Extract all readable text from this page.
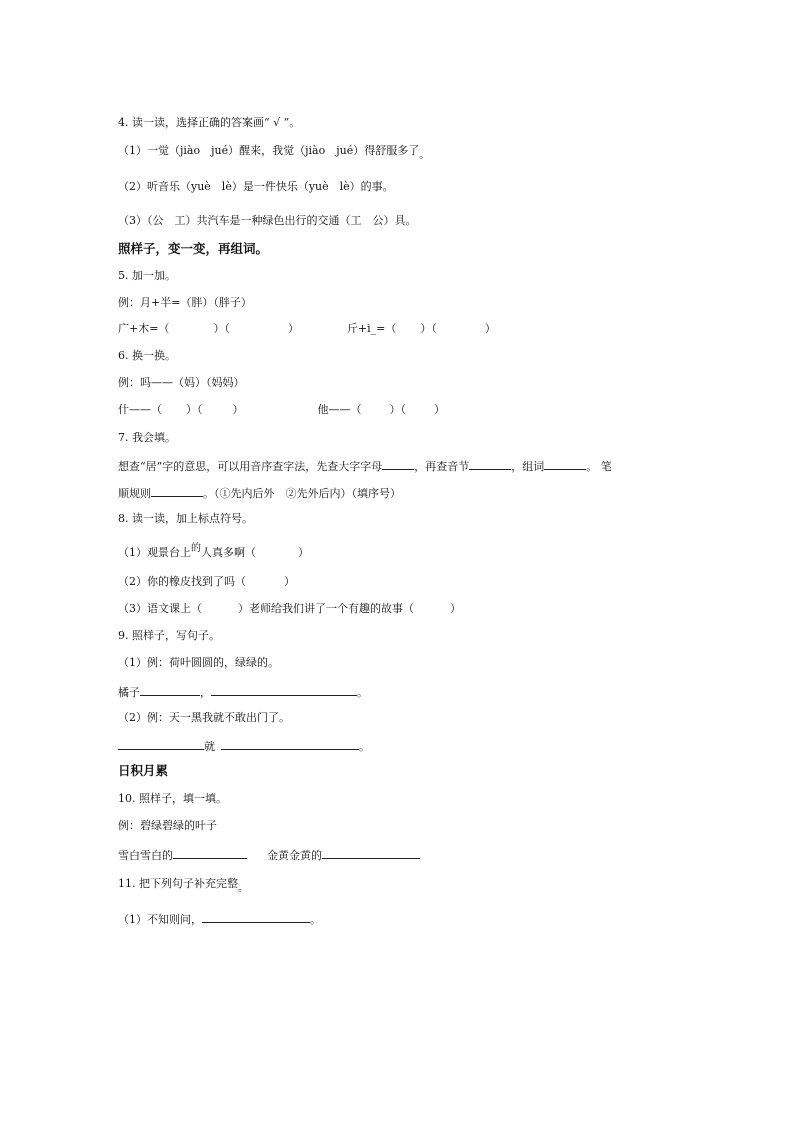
4. 读一读，选择正确的答案画“ √ ”。
（1）一觉（jiào　jué）醒来，我觉（jiào　jué）得舒服多了。
（2）听音乐（yuè　lè）是一件快乐（yuè　lè）的事。
（3）（公　工）共汽车是一种绿色出行的交通（工　公）具。
照样子，变一变，再组词。
5. 加一加。
例：月+半=（胖）（胖子）
广+木=（	）（	）	斤+i_=（ ）（	）
6. 换一换。
例：吗——（妈）（妈妈）
什——（ ）（	）	他——（	）（	）
7. 我会填。
想查“居”字的意思，可以用音序查字法，先查大字字母	，再查音节	，组词	。 笔
顺规则	。（①先内后外　②先外后内）（填序号）
8. 读一读，加上标点符号。
（1）观景台上的人真多啊（	）
（2）你的橡皮找到了吗（	）
（3）语文课上（	）老师给我们讲了一个有趣的故事（	）
9. 照样子，写句子。
（1）例：荷叶圆圆的，绿绿的。
橘子	，	。
（2）例：天一黑我就不敢出门了。
就	。
日积月累
10. 照样子，填一填。
例：碧绿碧绿的叶子
雪白雪白的	金黄金黄的
11. 把下列句子补充完整。
（1）不知则问，	。
